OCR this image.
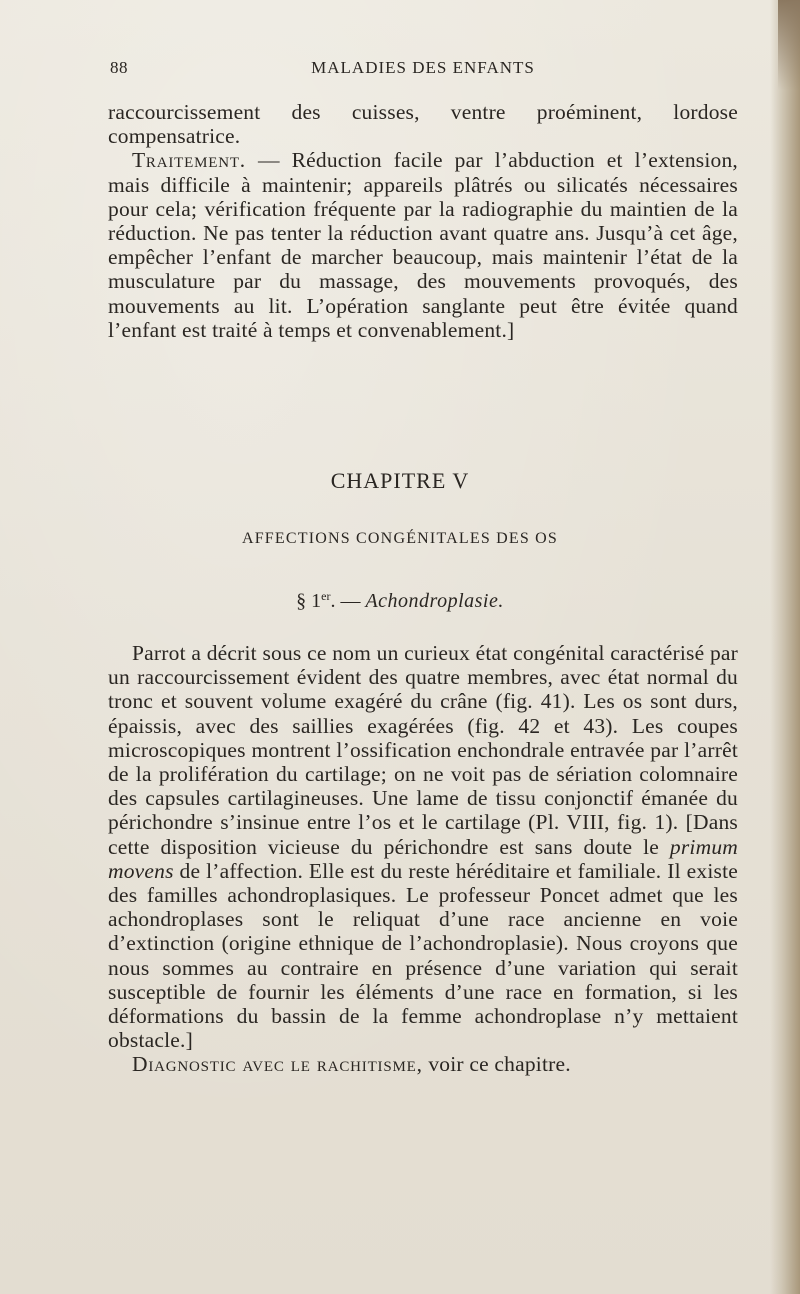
88	MALADIES DES ENFANTS

raccourcissement des cuisses, ventre proéminent, lordose compensatrice.

Traitement. — Réduction facile par l’abduction et l’extension, mais difficile à maintenir; appareils plâtrés ou silicatés nécessaires pour cela; vérification fréquente par la radiographie du maintien de la réduction. Ne pas tenter la réduction avant quatre ans. Jusqu’à cet âge, empêcher l’enfant de marcher beaucoup, mais maintenir l’état de la musculature par du massage, des mouvements provoqués, des mouvements au lit. L’opération sanglante peut être évitée quand l’enfant est traité à temps et convenablement.]

CHAPITRE V
AFFECTIONS CONGÉNITALES DES OS
§ 1er. — Achondroplasie.

Parrot a décrit sous ce nom un curieux état congénital caractérisé par un raccourcissement évident des quatre membres, avec état normal du tronc et souvent volume exagéré du crâne (fig. 41). Les os sont durs, épaissis, avec des saillies exagérées (fig. 42 et 43). Les coupes microscopiques montrent l’ossification enchondrale entravée par l’arrêt de la prolifération du cartilage; on ne voit pas de sériation colomnaire des capsules cartilagineuses. Une lame de tissu conjonctif émanée du périchondre s’insinue entre l’os et le cartilage (Pl. VIII, fig. 1). [Dans cette disposition vicieuse du périchondre est sans doute le primum movens de l’affection. Elle est du reste héréditaire et familiale. Il existe des familles achondroplasiques. Le professeur Poncet admet que les achondroplases sont le reliquat d’une race ancienne en voie d’extinction (origine ethnique de l’achondroplasie). Nous croyons que nous sommes au contraire en présence d’une variation qui serait susceptible de fournir les éléments d’une race en formation, si les déformations du bassin de la femme achondroplase n’y mettaient obstacle.]

Diagnostic avec le rachitisme, voir ce chapitre.
